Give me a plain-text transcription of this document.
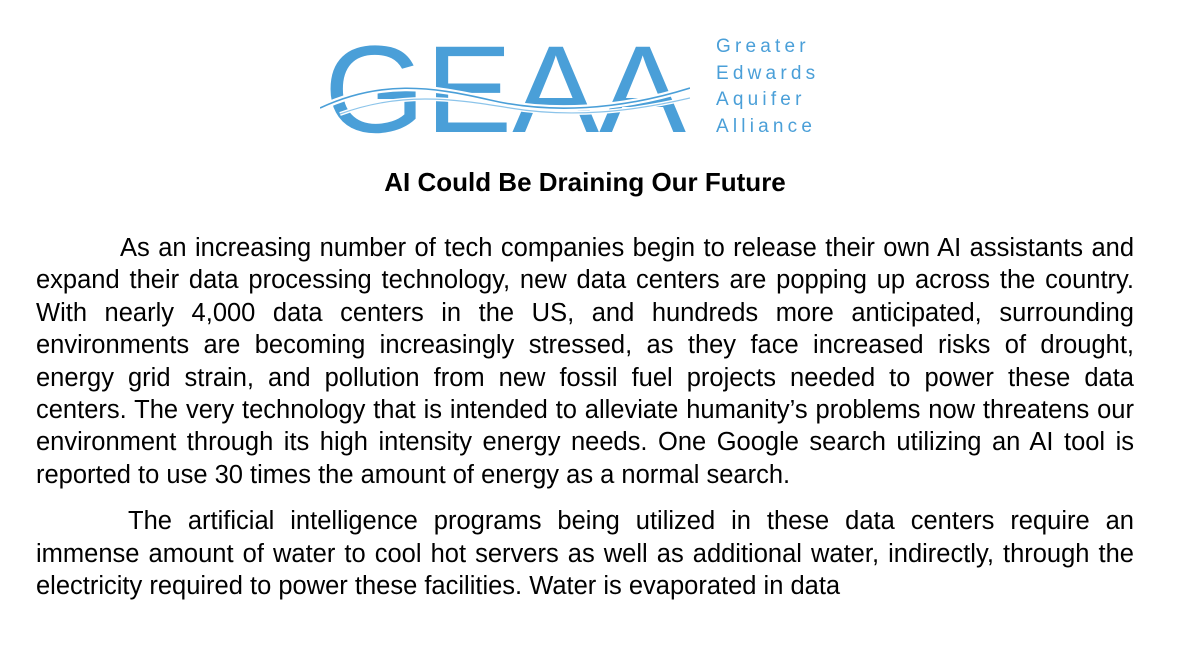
GEAA Greater
Edwards
Aquifer
Alliance
AI Could Be Draining Our Future

As an increasing number of tech companies begin to release their own AI assistants and expand their data processing technology, new data centers are popping up across the country. With nearly 4,000 data centers in the US, and hundreds more anticipated, surrounding environments are becoming increasingly stressed, as they face increased risks of drought, energy grid strain, and pollution from new fossil fuel projects needed to power these data centers. The very technology that is intended to alleviate humanity’s problems now threatens our environment through its high intensity energy needs. One Google search utilizing an AI tool is reported to use 30 times the amount of energy as a normal search.

The artificial intelligence programs being utilized in these data centers require an immense amount of water to cool hot servers as well as additional water, indirectly, through the electricity required to power these facilities. Water is evaporated in data
